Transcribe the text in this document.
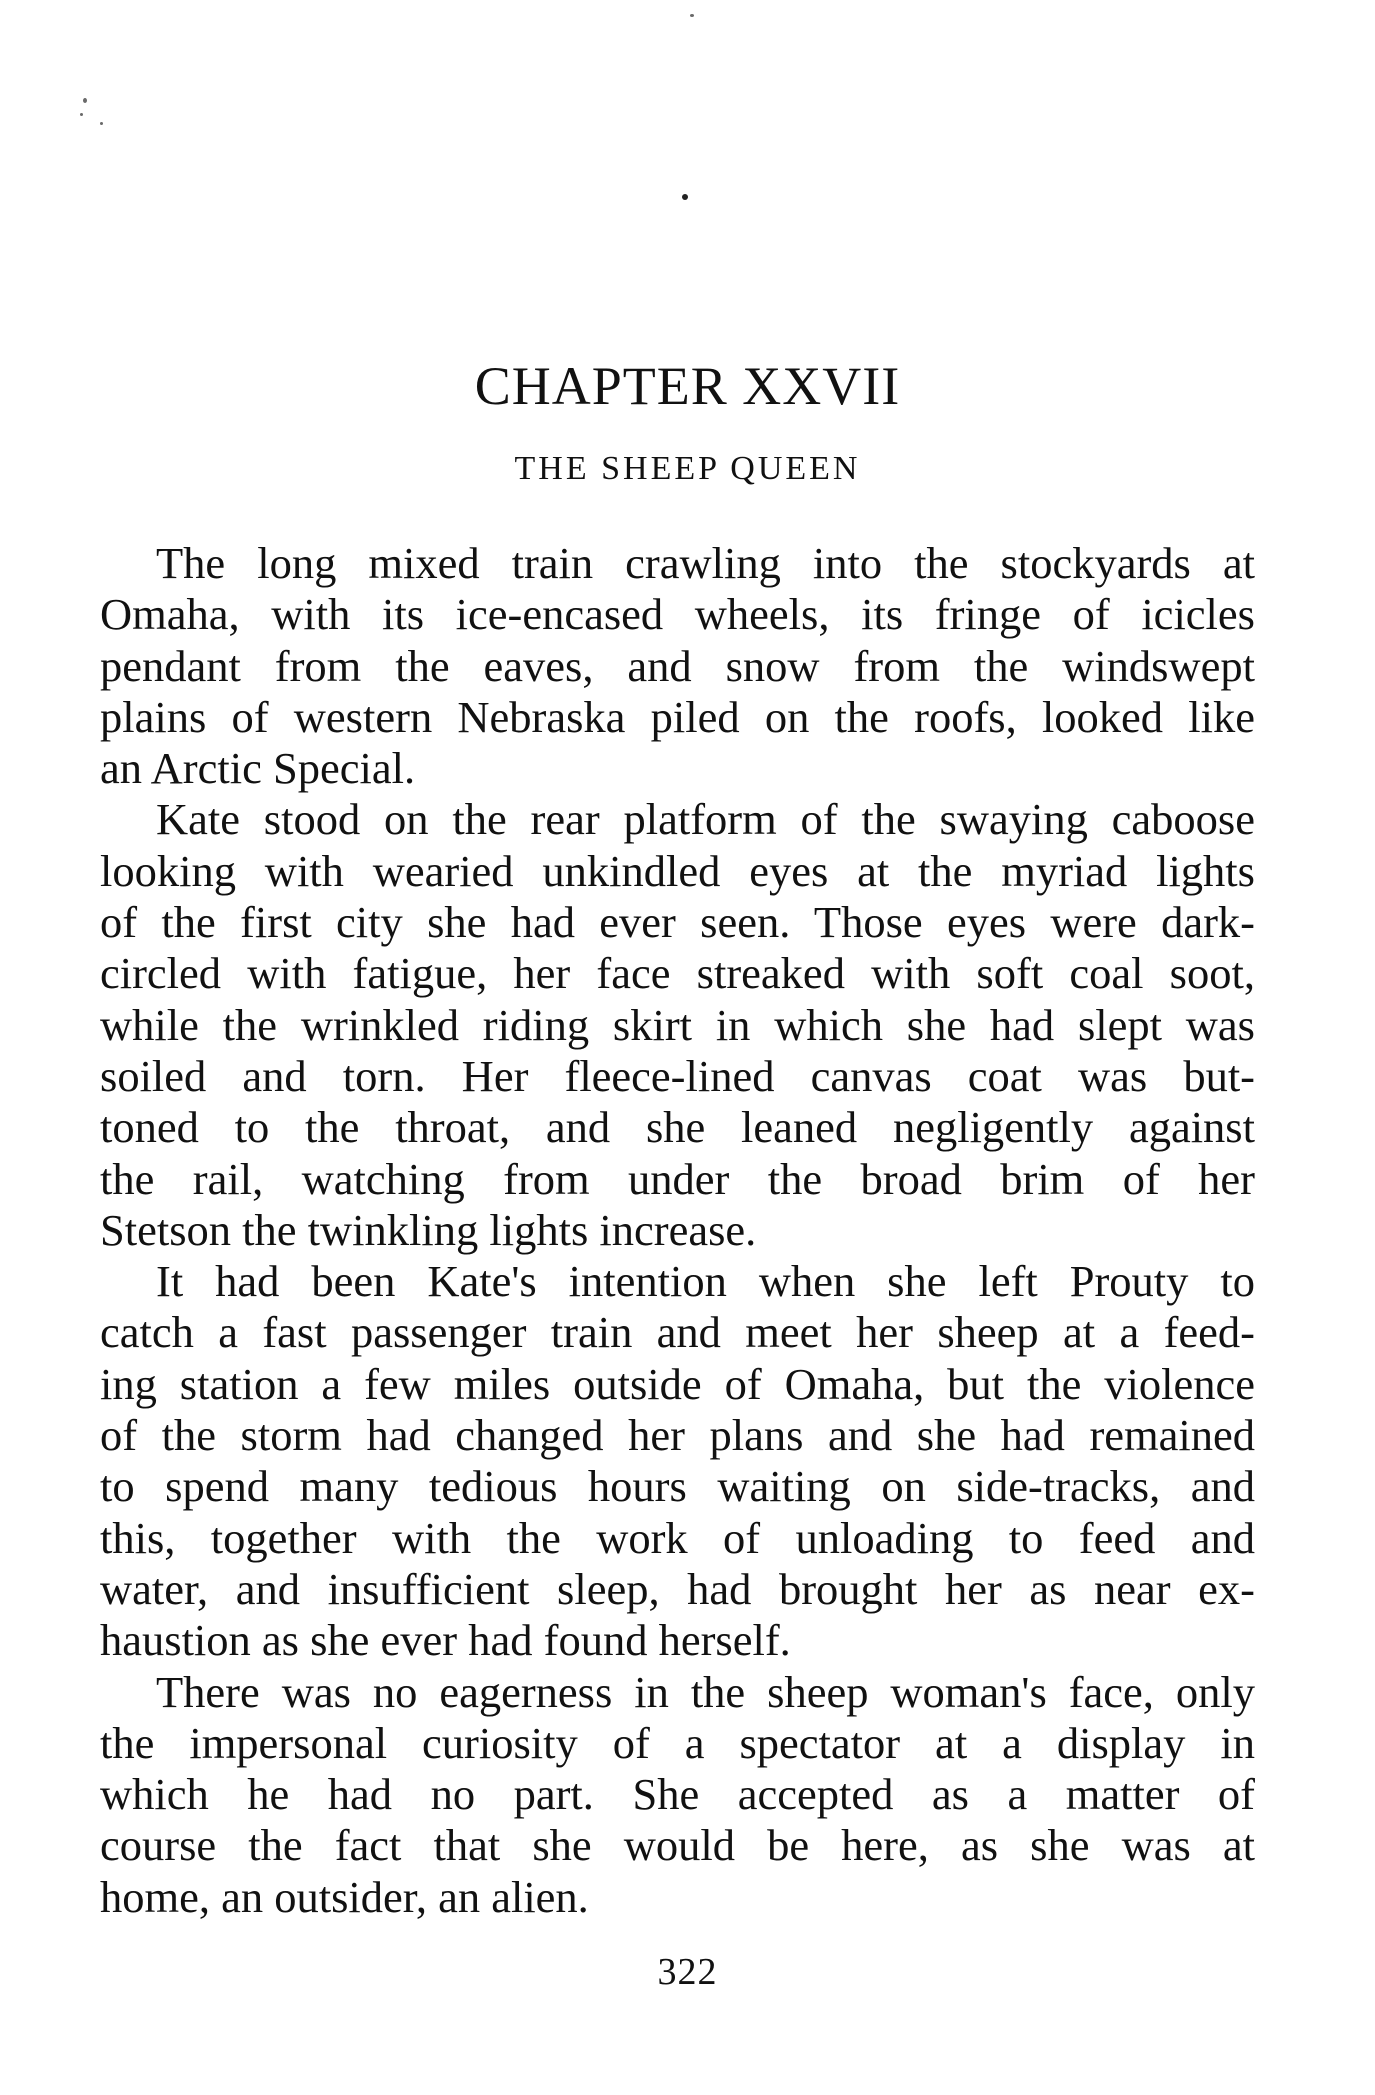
CHAPTER XXVII
THE SHEEP QUEEN
The long mixed train crawling into the stockyards at
Omaha, with its ice-encased wheels, its fringe of icicles
pendant from the eaves, and snow from the windswept
plains of western Nebraska piled on the roofs, looked like
an Arctic Special.
Kate stood on the rear platform of the swaying caboose
looking with wearied unkindled eyes at the myriad lights
of the first city she had ever seen. Those eyes were dark-
circled with fatigue, her face streaked with soft coal soot,
while the wrinkled riding skirt in which she had slept was
soiled and torn. Her fleece-lined canvas coat was but-
toned to the throat, and she leaned negligently against
the rail, watching from under the broad brim of her
Stetson the twinkling lights increase.
It had been Kate's intention when she left Prouty to
catch a fast passenger train and meet her sheep at a feed-
ing station a few miles outside of Omaha, but the violence
of the storm had changed her plans and she had remained
to spend many tedious hours waiting on side-tracks, and
this, together with the work of unloading to feed and
water, and insufficient sleep, had brought her as near ex-
haustion as she ever had found herself.
There was no eagerness in the sheep woman's face, only
the impersonal curiosity of a spectator at a display in
which he had no part. She accepted as a matter of
course the fact that she would be here, as she was at
home, an outsider, an alien.
322
